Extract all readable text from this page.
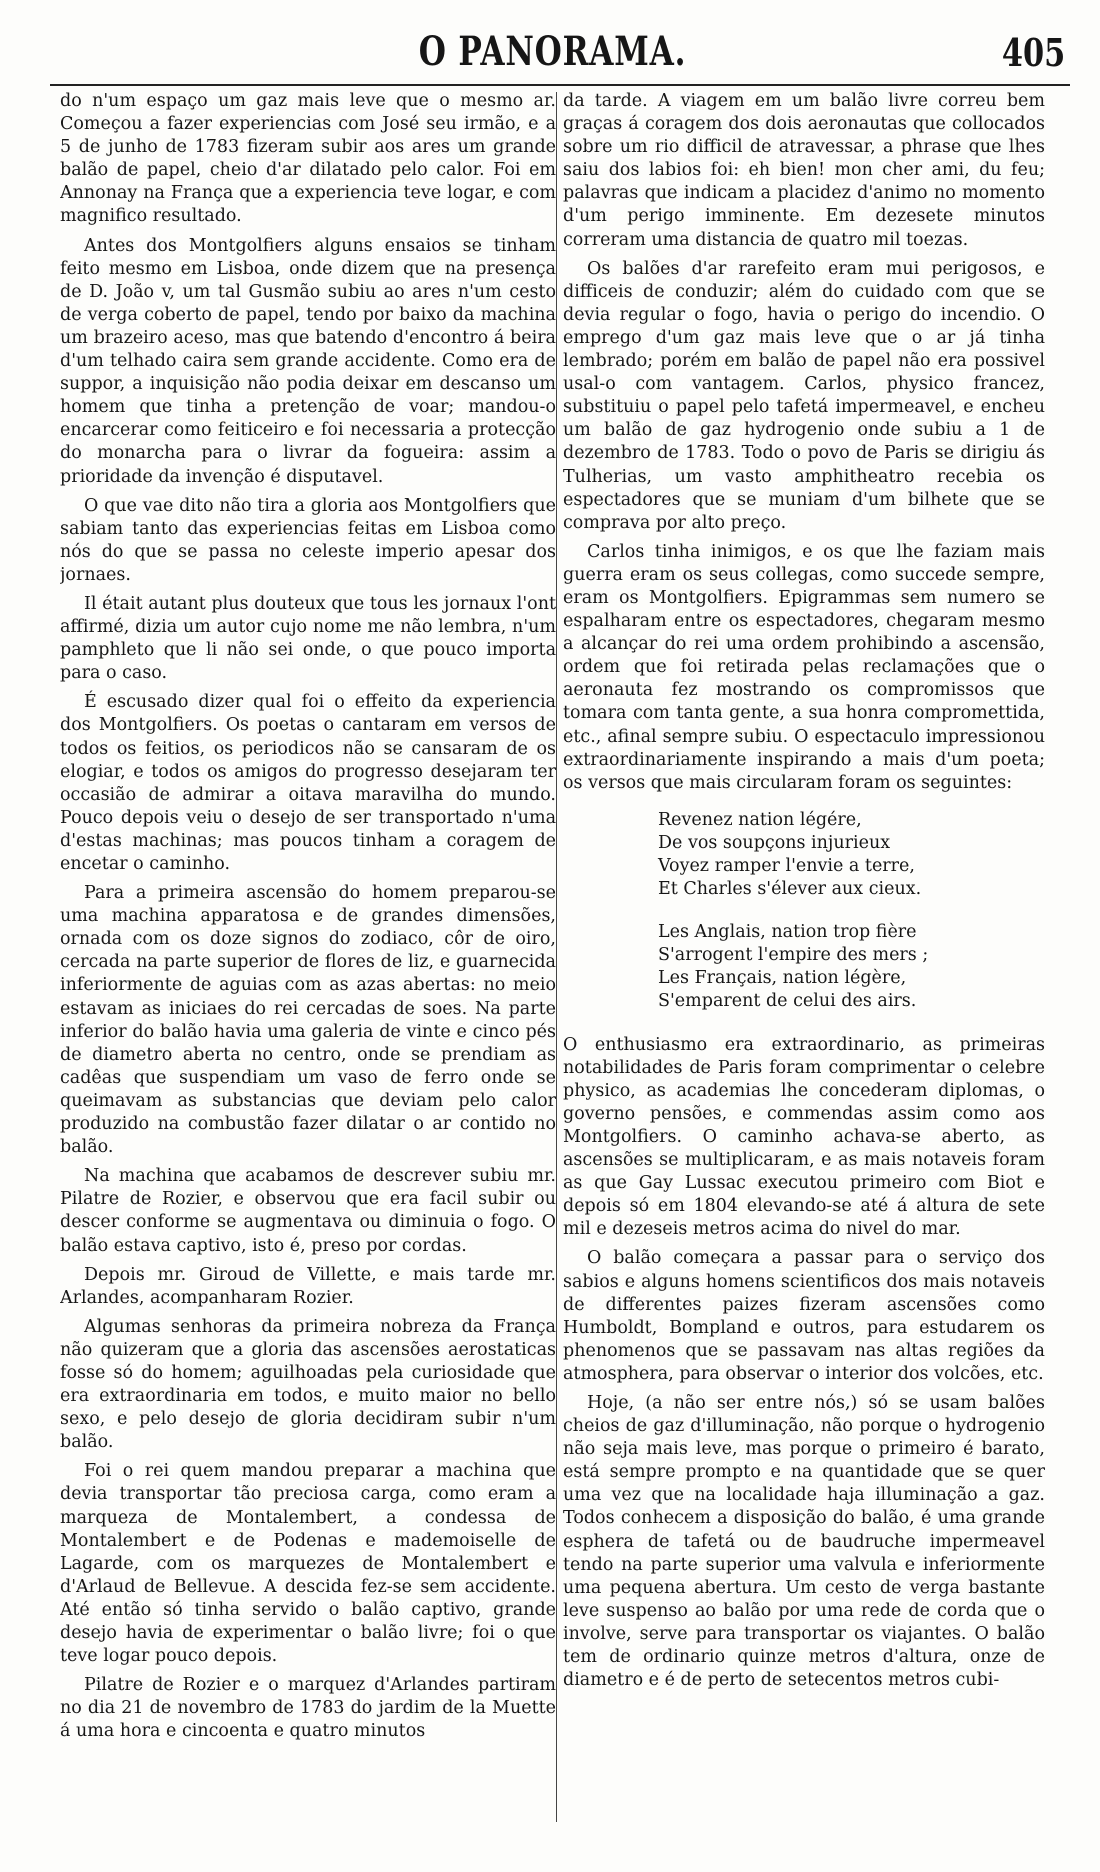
O PANORAMA.	405

do n'um espaço um gaz mais leve que o mesmo ar. Começou a fazer experiencias com José seu irmão, e a 5 de junho de 1783 fizeram subir aos ares um grande balão de papel, cheio d'ar dilatado pelo calor. Foi em Annonay na França que a experiencia teve logar, e com magnifico resultado.

Antes dos Montgolfiers alguns ensaios se tinham feito mesmo em Lisboa, onde dizem que na presença de D. João v, um tal Gusmão subiu ao ares n'um cesto de verga coberto de papel, tendo por baixo da machina um brazeiro aceso, mas que batendo d'encontro á beira d'um telhado caira sem grande accidente. Como era de suppor, a inquisição não podia deixar em descanso um homem que tinha a pretenção de voar; mandou-o encarcerar como feiticeiro e foi necessaria a protecção do monarcha para o livrar da fogueira: assim a prioridade da invenção é disputavel.

O que vae dito não tira a gloria aos Montgolfiers que sabiam tanto das experiencias feitas em Lisboa como nós do que se passa no celeste imperio apesar dos jornaes.

Il était autant plus douteux que tous les jornaux l'ont affirmé, dizia um autor cujo nome me não lembra, n'um pamphleto que li não sei onde, o que pouco importa para o caso.

É escusado dizer qual foi o effeito da experiencia dos Montgolfiers. Os poetas o cantaram em versos de todos os feitios, os periodicos não se cansaram de os elogiar, e todos os amigos do progresso desejaram ter occasião de admirar a oitava maravilha do mundo. Pouco depois veiu o desejo de ser transportado n'uma d'estas machinas; mas poucos tinham a coragem de encetar o caminho.

Para a primeira ascensão do homem preparou-se uma machina apparatosa e de grandes dimensões, ornada com os doze signos do zodiaco, côr de oiro, cercada na parte superior de flores de liz, e guarnecida inferiormente de aguias com as azas abertas: no meio estavam as iniciaes do rei cercadas de soes. Na parte inferior do balão havia uma galeria de vinte e cinco pés de diametro aberta no centro, onde se prendiam as cadêas que suspendiam um vaso de ferro onde se queimavam as substancias que deviam pelo calor produzido na combustão fazer dilatar o ar contido no balão.

Na machina que acabamos de descrever subiu mr. Pilatre de Rozier, e observou que era facil subir ou descer conforme se augmentava ou diminuia o fogo. O balão estava captivo, isto é, preso por cordas.

Depois mr. Giroud de Villette, e mais tarde mr. Arlandes, acompanharam Rozier.

Algumas senhoras da primeira nobreza da França não quizeram que a gloria das ascensões aerostaticas fosse só do homem; aguilhoadas pela curiosidade que era extraordinaria em todos, e muito maior no bello sexo, e pelo desejo de gloria decidiram subir n'um balão.

Foi o rei quem mandou preparar a machina que devia transportar tão preciosa carga, como eram a marqueza de Montalembert, a condessa de Montalembert e de Podenas e mademoiselle de Lagarde, com os marquezes de Montalembert e d'Arlaud de Bellevue. A descida fez-se sem accidente. Até então só tinha servido o balão captivo, grande desejo havia de experimentar o balão livre; foi o que teve logar pouco depois.

Pilatre de Rozier e o marquez d'Arlandes partiram no dia 21 de novembro de 1783 do jardim de la Muette á uma hora e cincoenta e quatro minutos

da tarde. A viagem em um balão livre correu bem graças á coragem dos dois aeronautas que collocados sobre um rio difficil de atravessar, a phrase que lhes saiu dos labios foi: eh bien! mon cher ami, du feu; palavras que indicam a placidez d'animo no momento d'um perigo imminente. Em dezesete minutos correram uma distancia de quatro mil toezas.

Os balões d'ar rarefeito eram mui perigosos, e difficeis de conduzir; além do cuidado com que se devia regular o fogo, havia o perigo do incendio. O emprego d'um gaz mais leve que o ar já tinha lembrado; porém em balão de papel não era possivel usal-o com vantagem. Carlos, physico francez, substituiu o papel pelo tafetá impermeavel, e encheu um balão de gaz hydrogenio onde subiu a 1 de dezembro de 1783. Todo o povo de Paris se dirigiu ás Tulherias, um vasto amphitheatro recebia os espectadores que se muniam d'um bilhete que se comprava por alto preço.

Carlos tinha inimigos, e os que lhe faziam mais guerra eram os seus collegas, como succede sempre, eram os Montgolfiers. Epigrammas sem numero se espalharam entre os espectadores, chegaram mesmo a alcançar do rei uma ordem prohibindo a ascensão, ordem que foi retirada pelas reclamações que o aeronauta fez mostrando os compromissos que tomara com tanta gente, a sua honra compromettida, etc., afinal sempre subiu. O espectaculo impressionou extraordinariamente inspirando a mais d'um poeta; os versos que mais circularam foram os seguintes:

Revenez nation légére,
De vos soupçons injurieux
Voyez ramper l'envie a terre,
Et Charles s'élever aux cieux.
Les Anglais, nation trop fière
S'arrogent l'empire des mers ;
Les Français, nation légère,
S'emparent de celui des airs.

O enthusiasmo era extraordinario, as primeiras notabilidades de Paris foram comprimentar o celebre physico, as academias lhe concederam diplomas, o governo pensões, e commendas assim como aos Montgolfiers. O caminho achava-se aberto, as ascensões se multiplicaram, e as mais notaveis foram as que Gay Lussac executou primeiro com Biot e depois só em 1804 elevando-se até á altura de sete mil e dezeseis metros acima do nivel do mar.

O balão começara a passar para o serviço dos sabios e alguns homens scientificos dos mais notaveis de differentes paizes fizeram ascensões como Humboldt, Bompland e outros, para estudarem os phenomenos que se passavam nas altas regiões da atmosphera, para observar o interior dos volcões, etc.

Hoje, (a não ser entre nós,) só se usam balões cheios de gaz d'illuminação, não porque o hydrogenio não seja mais leve, mas porque o primeiro é barato, está sempre prompto e na quantidade que se quer uma vez que na localidade haja illuminação a gaz. Todos conhecem a disposição do balão, é uma grande esphera de tafetá ou de baudruche impermeavel tendo na parte superior uma valvula e inferiormente uma pequena abertura. Um cesto de verga bastante leve suspenso ao balão por uma rede de corda que o involve, serve para transportar os viajantes. O balão tem de ordinario quinze metros d'altura, onze de diametro e é de perto de setecentos metros cubi-
